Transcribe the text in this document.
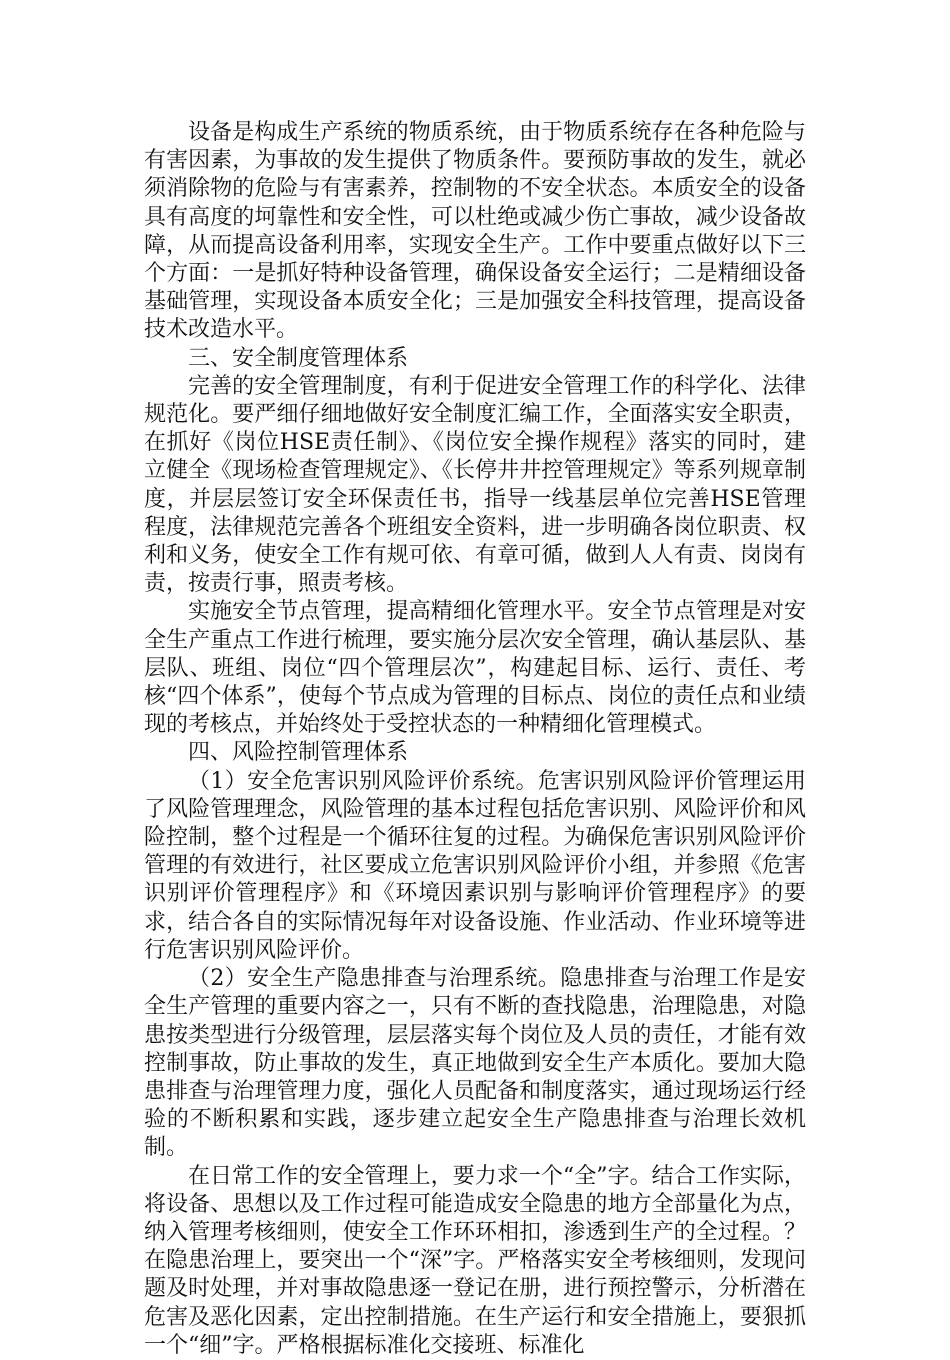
设备是构成生产系统的物质系统，由于物质系统存在各种危险与有害因素，为事故的发生提供了物质条件。要预防事故的发生，就必须消除物的危险与有害素养，控制物的不安全状态。本质安全的设备具有高度的坷靠性和安全性，可以杜绝或减少伤亡事故，减少设备故障，从而提高设备利用率，实现安全生产。工作中要重点做好以下三个方面：一是抓好特种设备管理，确保设备安全运行；二是精细设备基础管理，实现设备本质安全化；三是加强安全科技管理，提高设备技术改造水平。

三、安全制度管理体系

完善的安全管理制度，有利于促进安全管理工作的科学化、法律规范化。要严细仔细地做好安全制度汇编工作，全面落实安全职责，在抓好《岗位HSE责任制》、《岗位安全操作规程》落实的同时，建立健全《现场检查管理规定》、《长停井井控管理规定》等系列规章制度，并层层签订安全环保责任书，指导一线基层单位完善HSE管理程度，法律规范完善各个班组安全资料，进一步明确各岗位职责、权利和义务，使安全工作有规可依、有章可循，做到人人有责、岗岗有责，按责行事，照责考核。

实施安全节点管理，提高精细化管理水平。安全节点管理是对安全生产重点工作进行梳理，要实施分层次安全管理，确认基层队、基层队、班组、岗位“四个管理层次”，构建起目标、运行、责任、考核“四个体系”，使每个节点成为管理的目标点、岗位的责任点和业绩现的考核点，并始终处于受控状态的一种精细化管理模式。

四、风险控制管理体系

（1）安全危害识别风险评价系统。危害识别风险评价管理运用了风险管理理念，风险管理的基本过程包括危害识别、风险评价和风险控制，整个过程是一个循环往复的过程。为确保危害识别风险评价管理的有效进行，社区要成立危害识别风险评价小组，并参照《危害识别评价管理程序》和《环境因素识别与影响评价管理程序》的要求，结合各自的实际情况每年对设备设施、作业活动、作业环境等进行危害识别风险评价。

（2）安全生产隐患排查与治理系统。隐患排查与治理工作是安全生产管理的重要内容之一，只有不断的查找隐患，治理隐患，对隐患按类型进行分级管理，层层落实每个岗位及人员的责任，才能有效控制事故，防止事故的发生，真正地做到安全生产本质化。要加大隐患排查与治理管理力度，强化人员配备和制度落实，通过现场运行经验的不断积累和实践，逐步建立起安全生产隐患排查与治理长效机制。

在日常工作的安全管理上，要力求一个“全”字。结合工作实际，将设备、思想以及工作过程可能造成安全隐患的地方全部量化为点，纳入管理考核细则，使安全工作环环相扣，渗透到生产的全过程。？在隐患治理上，要突出一个“深”字。严格落实安全考核细则，发现问题及时处理，并对事故隐患逐一登记在册，进行预控警示，分析潜在危害及恶化因素，定出控制措施。在生产运行和安全措施上，要狠抓一个“细”字。严格根据标准化交接班、标准化
